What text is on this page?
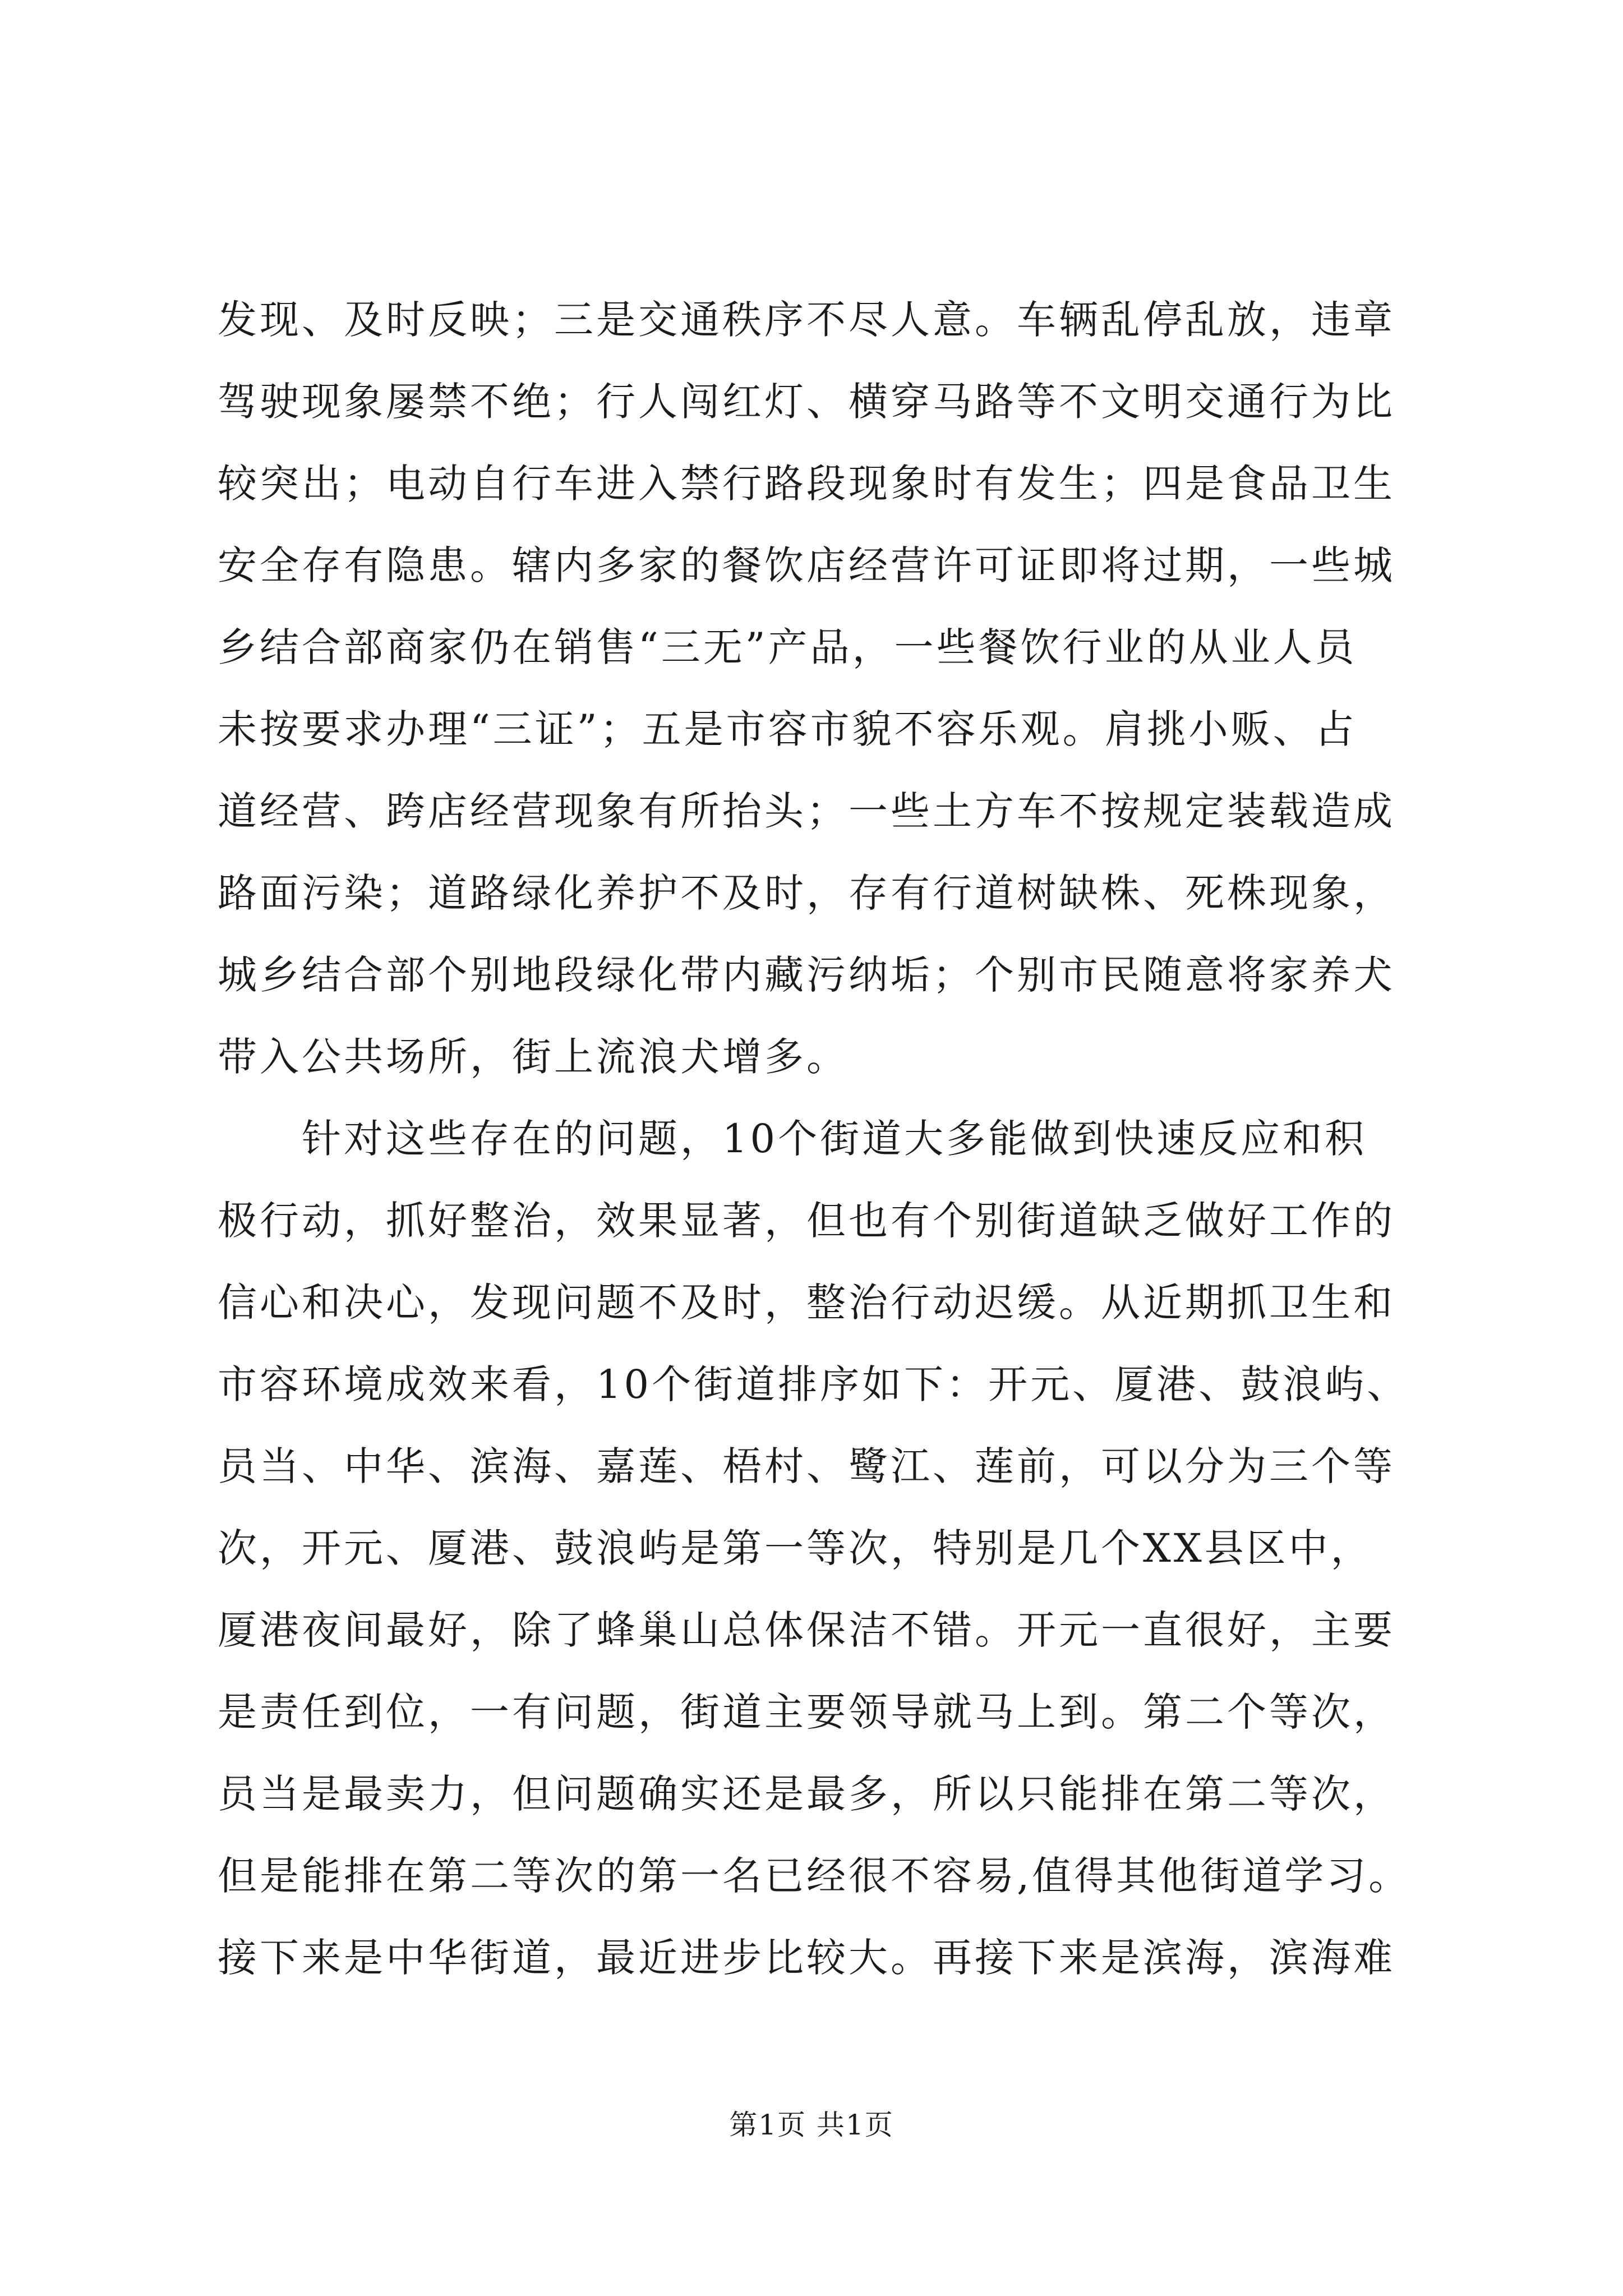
发现、及时反映；三是交通秩序不尽人意。车辆乱停乱放，违章
驾驶现象屡禁不绝；行人闯红灯、横穿马路等不文明交通行为比
较突出；电动自行车进入禁行路段现象时有发生；四是食品卫生
安全存有隐患。辖内多家的餐饮店经营许可证即将过期，一些城
乡结合部商家仍在销售“三无”产品，一些餐饮行业的从业人员
未按要求办理“三证”；五是市容市貌不容乐观。肩挑小贩、占
道经营、跨店经营现象有所抬头；一些土方车不按规定装载造成
路面污染；道路绿化养护不及时，存有行道树缺株、死株现象，
城乡结合部个别地段绿化带内藏污纳垢；个别市民随意将家养犬
带入公共场所，街上流浪犬增多。
针对这些存在的问题，10个街道大多能做到快速反应和积
极行动，抓好整治，效果显著，但也有个别街道缺乏做好工作的
信心和决心，发现问题不及时，整治行动迟缓。从近期抓卫生和
市容环境成效来看，10个街道排序如下：开元、厦港、鼓浪屿、
员当、中华、滨海、嘉莲、梧村、鹭江、莲前，可以分为三个等
次，开元、厦港、鼓浪屿是第一等次，特别是几个XX县区中，
厦港夜间最好，除了蜂巢山总体保洁不错。开元一直很好，主要
是责任到位，一有问题，街道主要领导就马上到。第二个等次，
员当是最卖力，但问题确实还是最多，所以只能排在第二等次，
但是能排在第二等次的第一名已经很不容易,值得其他街道学习。
接下来是中华街道，最近进步比较大。再接下来是滨海，滨海难
第1页 共1页
